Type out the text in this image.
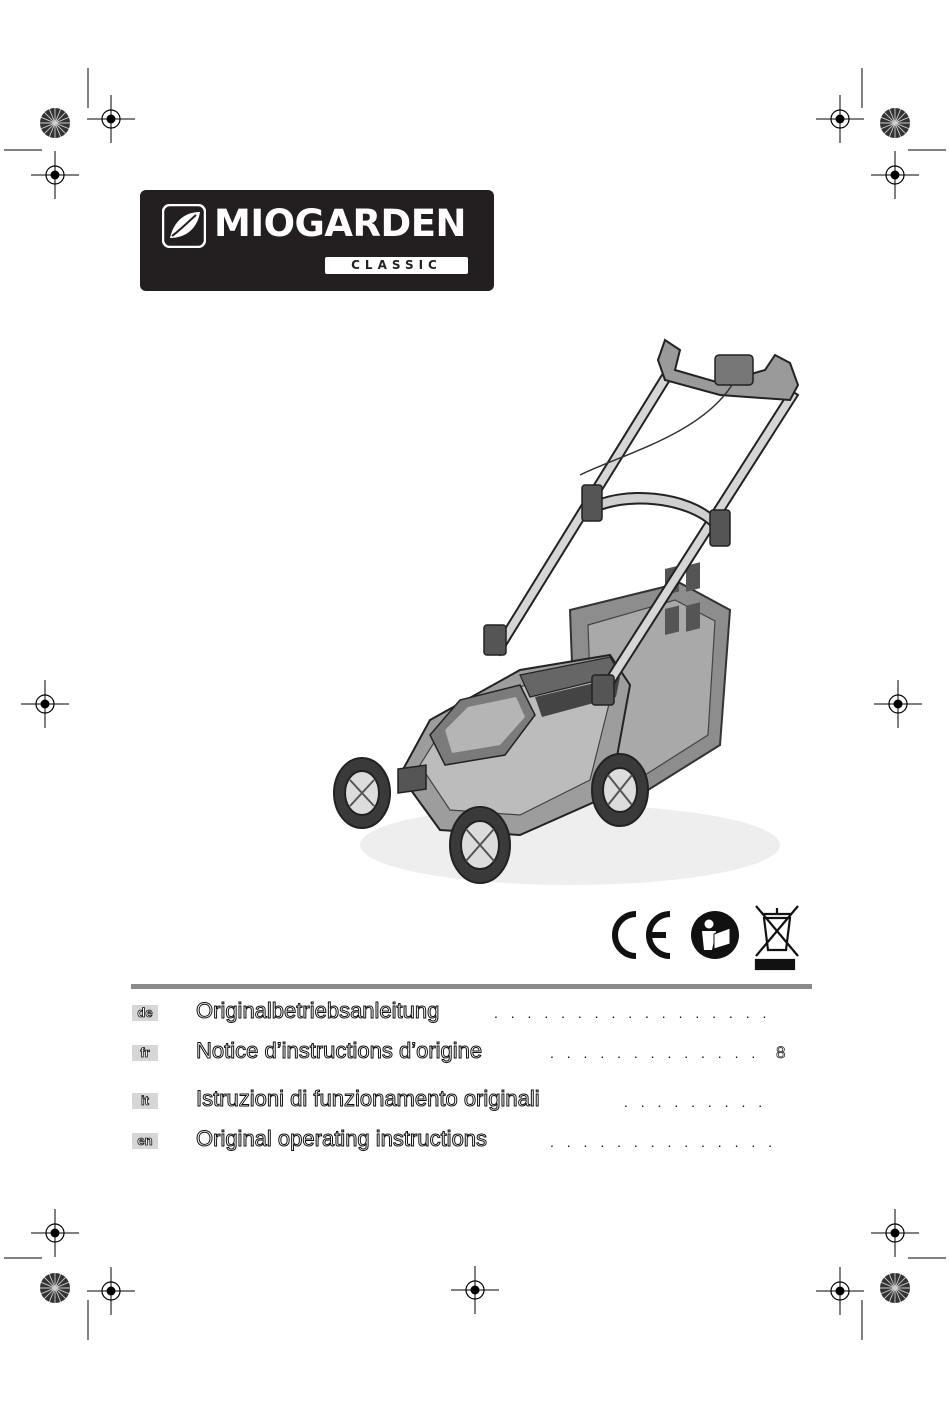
MIOGARDEN
CLASSIC
de Originalbetriebsanleitung	. . . . . . . . . . . . . . . . .
fr	Notice d’instructions d’origine	. . . . . . . . . . . . . 8
it	Istruzioni di funzionamento originali	. . . . . . . . .
en Original operating instructions	. . . . . . . . . . . . . .
